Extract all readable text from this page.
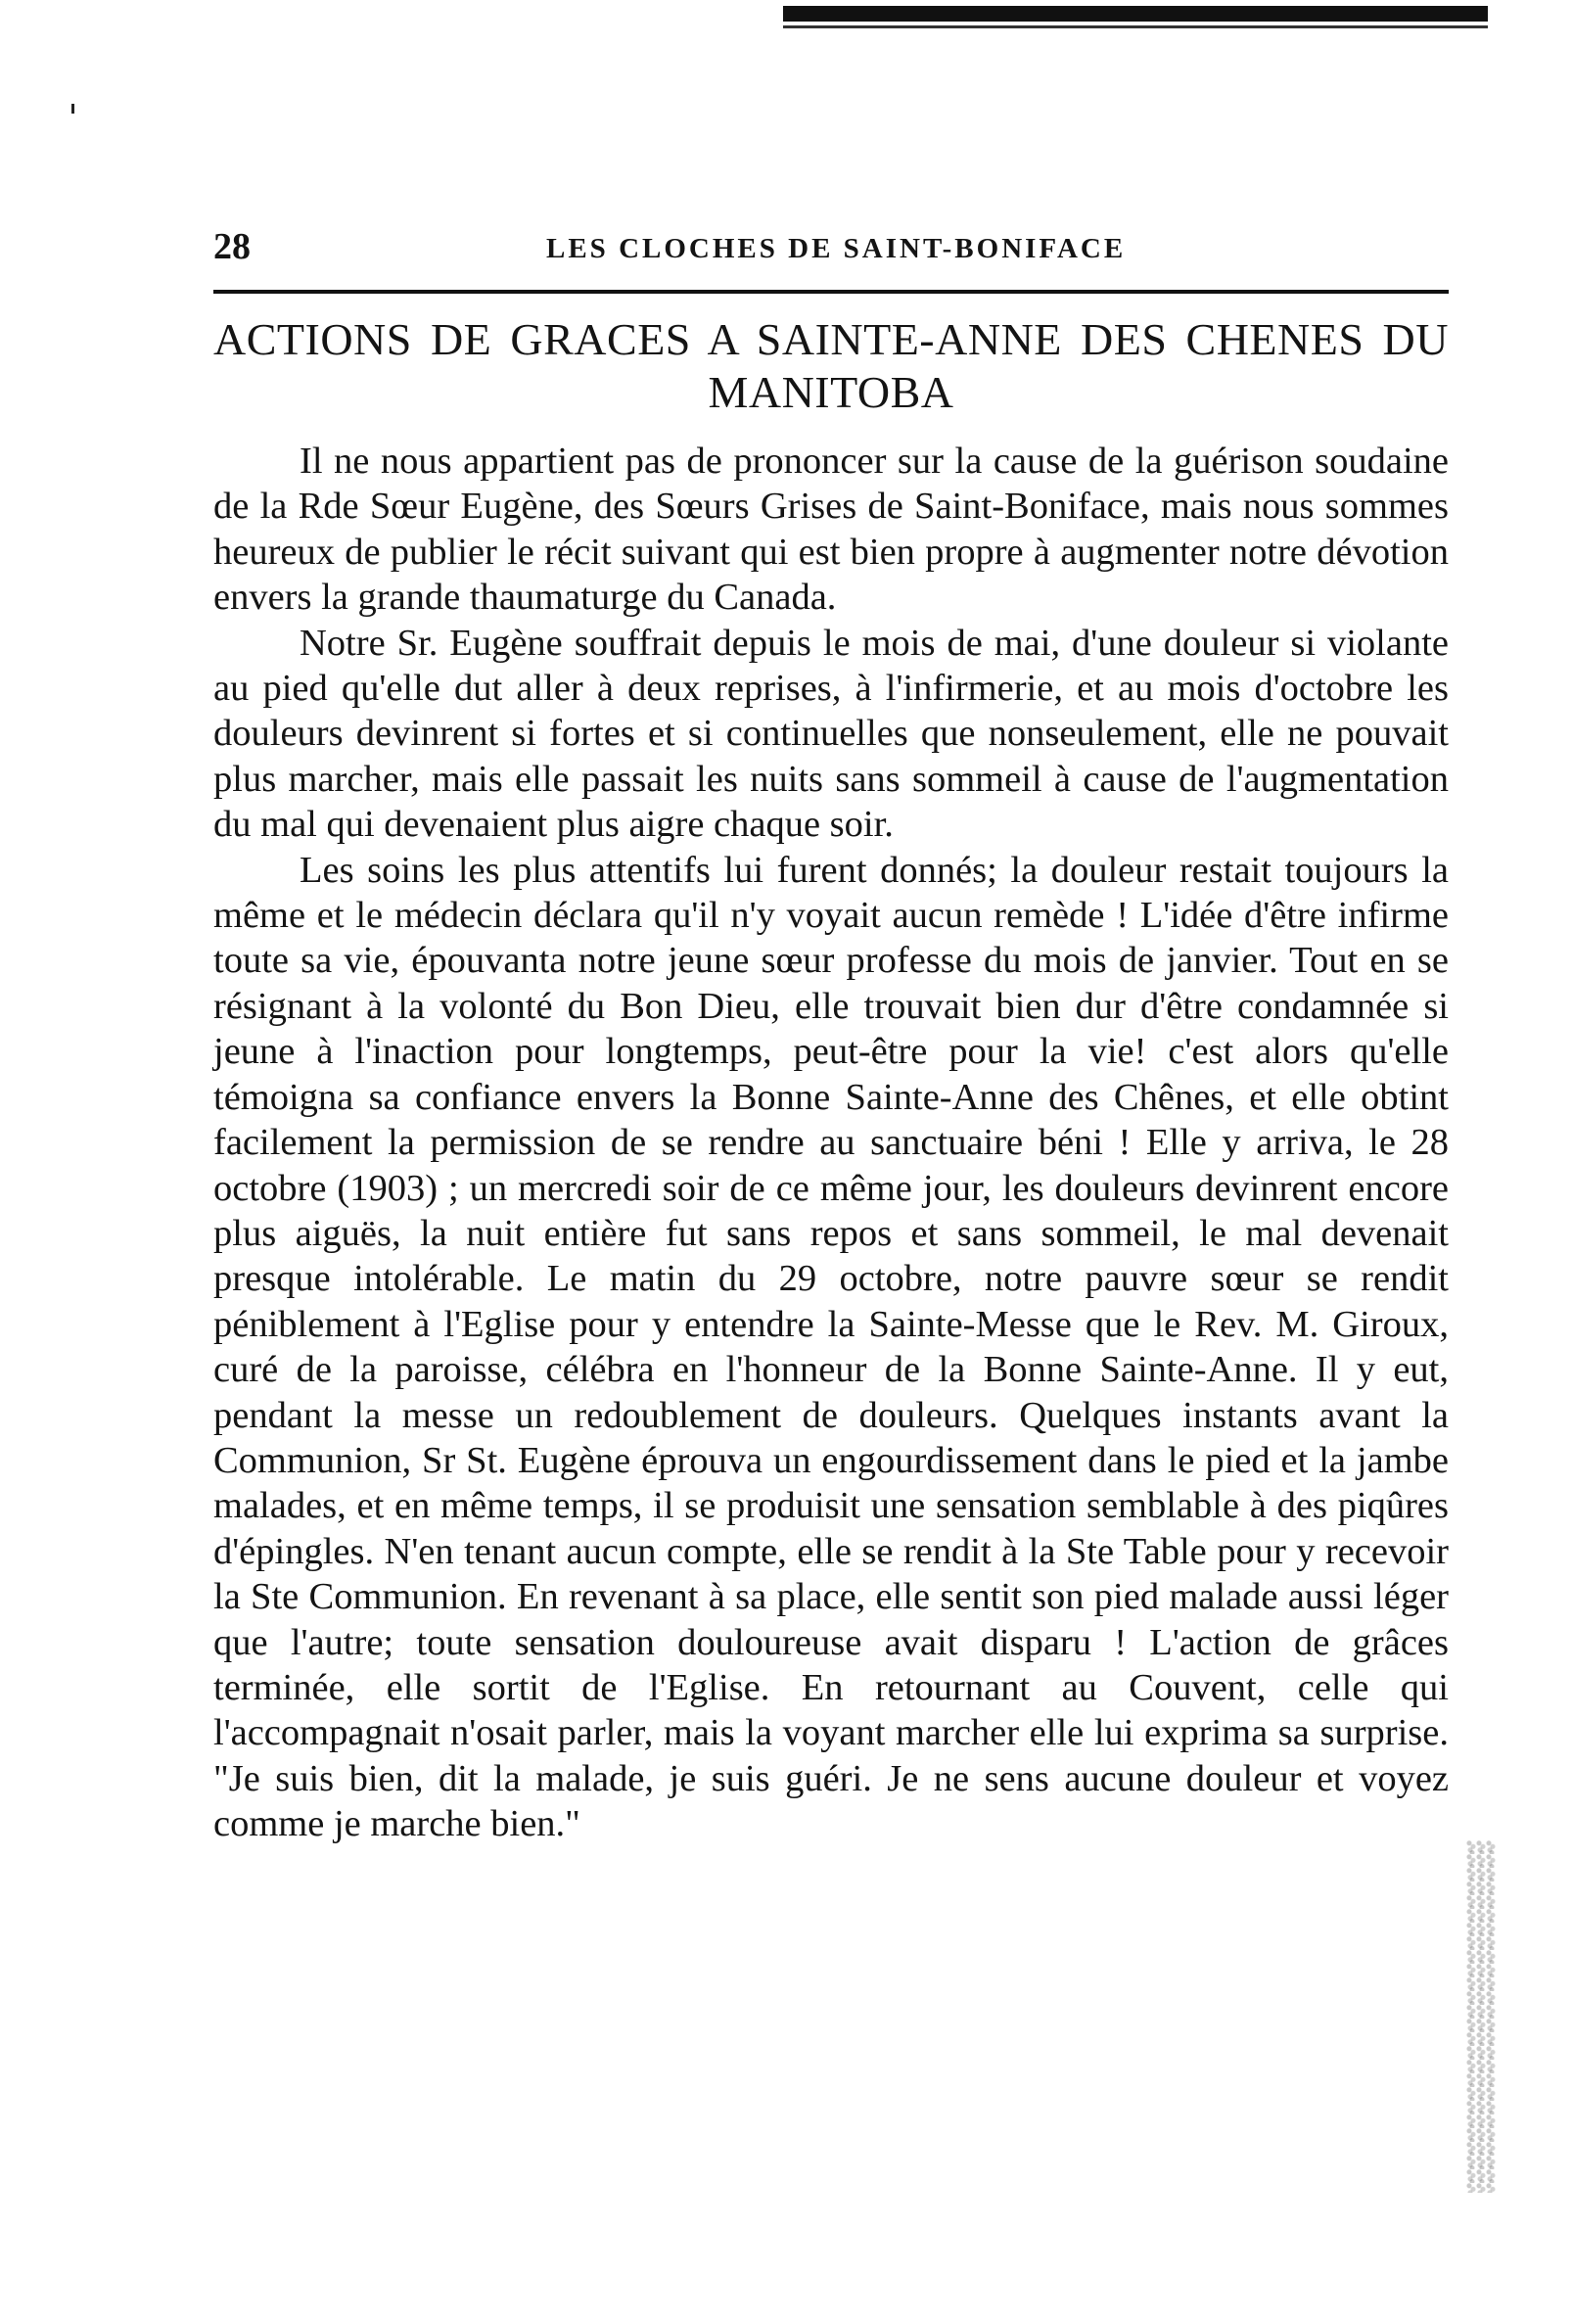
28	LES CLOCHES DE SAINT-BONIFACE
ACTIONS DE GRACES A SAINTE-ANNE DES CHENES DU
MANITOBA

Il ne nous appartient pas de prononcer sur la cause de la guérison soudaine de la Rde Sœur Eugène, des Sœurs Grises de Saint-Boniface, mais nous sommes heureux de publier le récit suivant qui est bien propre à augmenter notre dévotion envers la grande thaumaturge du Canada.

Notre Sr. Eugène souffrait depuis le mois de mai, d'une douleur si violante au pied qu'elle dut aller à deux reprises, à l'infirmerie, et au mois d'octobre les douleurs devinrent si fortes et si continuelles que nonseulement, elle ne pouvait plus marcher, mais elle passait les nuits sans sommeil à cause de l'augmentation du mal qui devenaient plus aigre chaque soir.

Les soins les plus attentifs lui furent donnés; la douleur restait toujours la même et le médecin déclara qu'il n'y voyait aucun remède ! L'idée d'être infirme toute sa vie, épouvanta notre jeune sœur professe du mois de janvier. Tout en se résignant à la volonté du Bon Dieu, elle trouvait bien dur d'être condamnée si jeune à l'inaction pour longtemps, peut-être pour la vie! c'est alors qu'elle témoigna sa confiance envers la Bonne Sainte-Anne des Chênes, et elle obtint facilement la permission de se rendre au sanctuaire béni ! Elle y arriva, le 28 octobre (1903) ; un mercredi soir de ce même jour, les douleurs devinrent encore plus aiguës, la nuit entière fut sans repos et sans sommeil, le mal devenait presque intolérable. Le matin du 29 octobre, notre pauvre sœur se rendit péniblement à l'Eglise pour y entendre la Sainte-Messe que le Rev. M. Giroux, curé de la paroisse, célébra en l'honneur de la Bonne Sainte-Anne. Il y eut, pendant la messe un redoublement de douleurs. Quelques instants avant la Communion, Sr St. Eugène éprouva un engourdissement dans le pied et la jambe malades, et en même temps, il se produisit une sensation semblable à des piqûres d'épingles. N'en tenant aucun compte, elle se rendit à la Ste Table pour y recevoir la Ste Communion. En revenant à sa place, elle sentit son pied malade aussi léger que l'autre; toute sensation douloureuse avait disparu ! L'action de grâces terminée, elle sortit de l'Eglise. En retournant au Couvent, celle qui l'accompagnait n'osait parler, mais la voyant marcher elle lui exprima sa surprise. "Je suis bien, dit la malade, je suis guéri. Je ne sens aucune douleur et voyez comme je marche bien."
